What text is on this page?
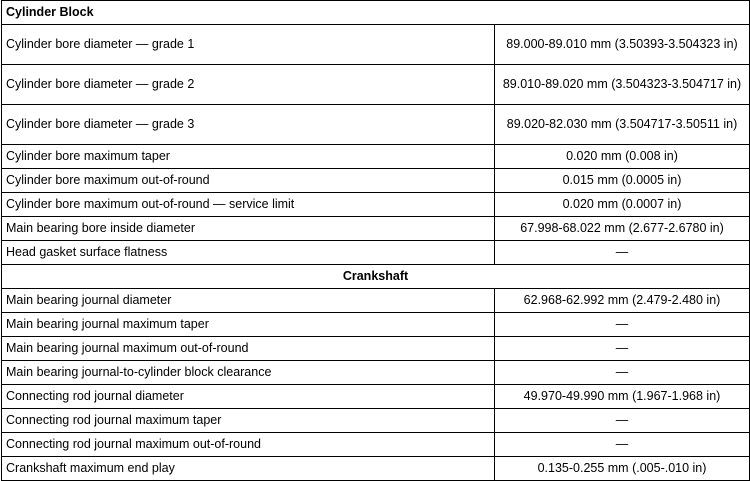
Cylinder Block	
Cylinder bore diameter — grade 1	89.000-89.010 mm (3.50393-3.504323 in)
Cylinder bore diameter — grade 2	89.010-89.020 mm (3.504323-3.504717 in)
Cylinder bore diameter — grade 3	89.020-82.030 mm (3.504717-3.50511 in)
Cylinder bore maximum taper	0.020 mm (0.008 in)
Cylinder bore maximum out-of-round	0.015 mm (0.0005 in)
Cylinder bore maximum out-of-round — service limit	0.020 mm (0.0007 in)
Main bearing bore inside diameter	67.998-68.022 mm (2.677-2.6780 in)
Head gasket surface flatness	—
Crankshaft	
Main bearing journal diameter	62.968-62.992 mm (2.479-2.480 in)
Main bearing journal maximum taper	—
Main bearing journal maximum out-of-round	—
Main bearing journal-to-cylinder block clearance	—
Connecting rod journal diameter	49.970-49.990 mm (1.967-1.968 in)
Connecting rod journal maximum taper	—
Connecting rod journal maximum out-of-round	—
Crankshaft maximum end play	0.135-0.255 mm (.005-.010 in)
